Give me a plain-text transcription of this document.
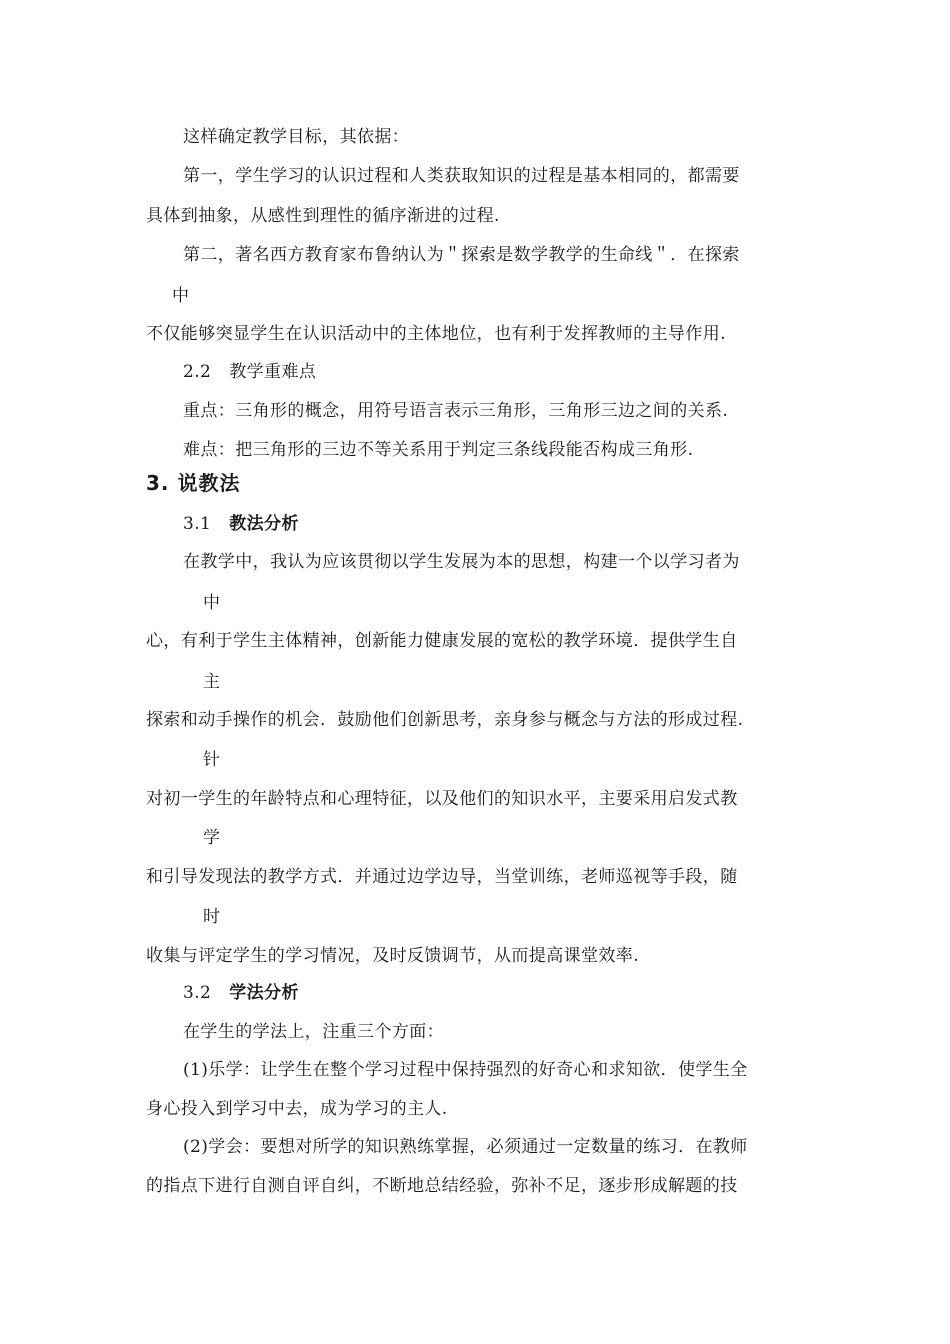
这样确定教学目标，其依据：
第一，学生学习的认识过程和人类获取知识的过程是基本相同的，都需要
具体到抽象，从感性到理性的循序渐进的过程.
第二，著名西方教育家布鲁纳认为＂探索是数学教学的生命线＂．在探索
中
不仅能够突显学生在认识活动中的主体地位，也有利于发挥教师的主导作用.
2.2 教学重难点
重点：三角形的概念，用符号语言表示三角形，三角形三边之间的关系.
难点：把三角形的三边不等关系用于判定三条线段能否构成三角形.
3. 说教法
3.1 教法分析
在教学中，我认为应该贯彻以学生发展为本的思想，构建一个以学习者为
中
心，有利于学生主体精神，创新能力健康发展的宽松的教学环境．提供学生自
主
探索和动手操作的机会．鼓励他们创新思考，亲身参与概念与方法的形成过程.
针
对初一学生的年龄特点和心理特征，以及他们的知识水平，主要采用启发式教
学
和引导发现法的教学方式．并通过边学边导，当堂训练，老师巡视等手段，随
时
收集与评定学生的学习情况，及时反馈调节，从而提高课堂效率.
3.2 学法分析
在学生的学法上，注重三个方面：
(1)乐学：让学生在整个学习过程中保持强烈的好奇心和求知欲．使学生全
身心投入到学习中去，成为学习的主人.
(2)学会：要想对所学的知识熟练掌握，必须通过一定数量的练习．在教师
的指点下进行自测自评自纠，不断地总结经验，弥补不足，逐步形成解题的技
